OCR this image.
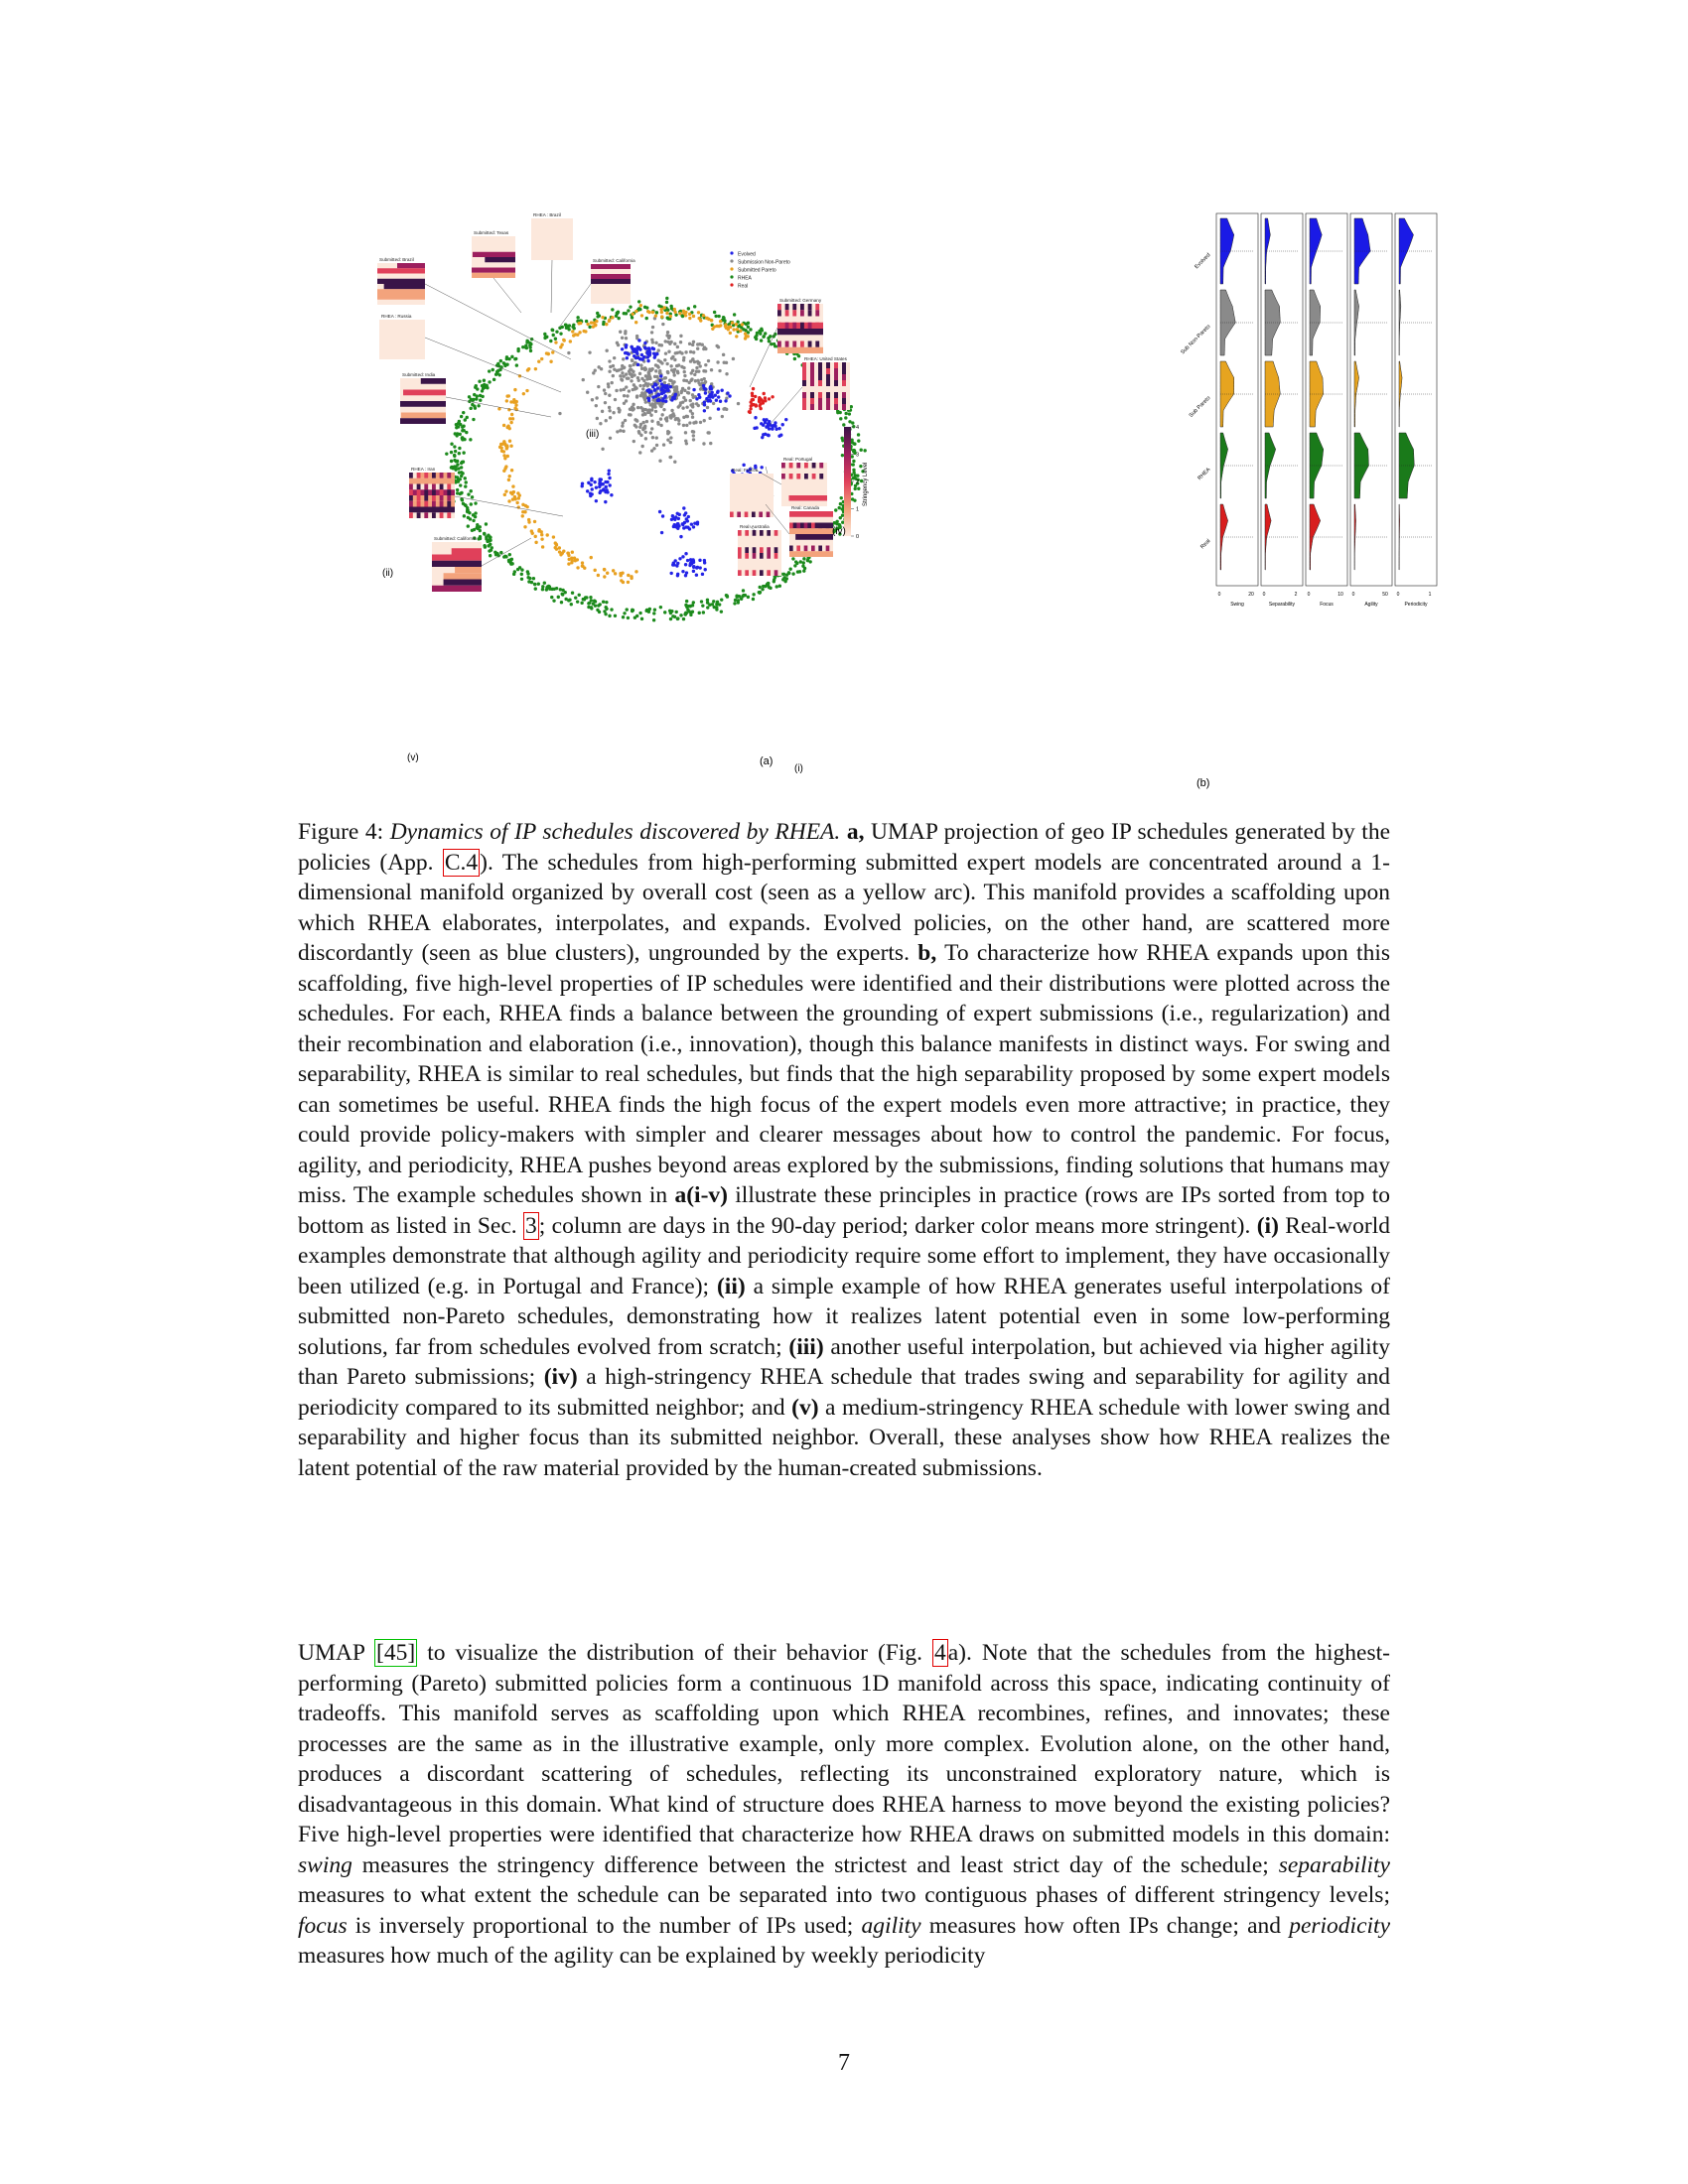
Submitted: Brazil
RHEA : Russia
Submitted: India
Submitted: Texas
RHEA : Brazil
Submitted: California
Submitted: Germany
RHEA: United States
RHEA : Iran
Submitted: California
Real: France
Real: Portugal
Real: Canada
Real: Australia
Evolved
Submission Non-Pareto
Submitted Pareto
RHEA
Real
0
1
2
3
4
Stringency Level
Swing
0	20
Evolved
Sub Non-Pareto
Sub Pareto
RHEA
Real
Separability
0	2
Focus
0	10
Agility
0	50
Periodicity
0	1
(a)
(b)
(i)
(ii)
(iii)
(iv)
(v)

Figure 4: Dynamics of IP schedules discovered by RHEA. a, UMAP projection of geo IP schedules generated by the policies (App. C.4). The schedules from high-performing submitted expert models are concentrated around a 1-dimensional manifold organized by overall cost (seen as a yellow arc). This manifold provides a scaffolding upon which RHEA elaborates, interpolates, and expands. Evolved policies, on the other hand, are scattered more discordantly (seen as blue clusters), ungrounded by the experts. b, To characterize how RHEA expands upon this scaffolding, five high-level properties of IP schedules were identified and their distributions were plotted across the schedules. For each, RHEA finds a balance between the grounding of expert submissions (i.e., regularization) and their recombination and elaboration (i.e., innovation), though this balance manifests in distinct ways. For swing and separability, RHEA is similar to real schedules, but finds that the high separability proposed by some expert models can sometimes be useful. RHEA finds the high focus of the expert models even more attractive; in practice, they could provide policy-makers with simpler and clearer messages about how to control the pandemic. For focus, agility, and periodicity, RHEA pushes beyond areas explored by the submissions, finding solutions that humans may miss. The example schedules shown in a(i-v) illustrate these principles in practice (rows are IPs sorted from top to bottom as listed in Sec. 3; column are days in the 90-day period; darker color means more stringent). (i) Real-world examples demonstrate that although agility and periodicity require some effort to implement, they have occasionally been utilized (e.g. in Portugal and France); (ii) a simple example of how RHEA generates useful interpolations of submitted non-Pareto schedules, demonstrating how it realizes latent potential even in some low-performing solutions, far from schedules evolved from scratch; (iii) another useful interpolation, but achieved via higher agility than Pareto submissions; (iv) a high-stringency RHEA schedule that trades swing and separability for agility and periodicity compared to its submitted neighbor; and (v) a medium-stringency RHEA schedule with lower swing and separability and higher focus than its submitted neighbor. Overall, these analyses show how RHEA realizes the latent potential of the raw material provided by the human-created submissions.

UMAP [45] to visualize the distribution of their behavior (Fig. 4a). Note that the schedules from the highest-performing (Pareto) submitted policies form a continuous 1D manifold across this space, indicating continuity of tradeoffs. This manifold serves as scaffolding upon which RHEA recombines, refines, and innovates; these processes are the same as in the illustrative example, only more complex. Evolution alone, on the other hand, produces a discordant scattering of schedules, reflecting its unconstrained exploratory nature, which is disadvantageous in this domain. What kind of structure does RHEA harness to move beyond the existing policies? Five high-level properties were identified that characterize how RHEA draws on submitted models in this domain: swing measures the stringency difference between the strictest and least strict day of the schedule; separability measures to what extent the schedule can be separated into two contiguous phases of different stringency levels; focus is inversely proportional to the number of IPs used; agility measures how often IPs change; and periodicity measures how much of the agility can be explained by weekly periodicity

7
